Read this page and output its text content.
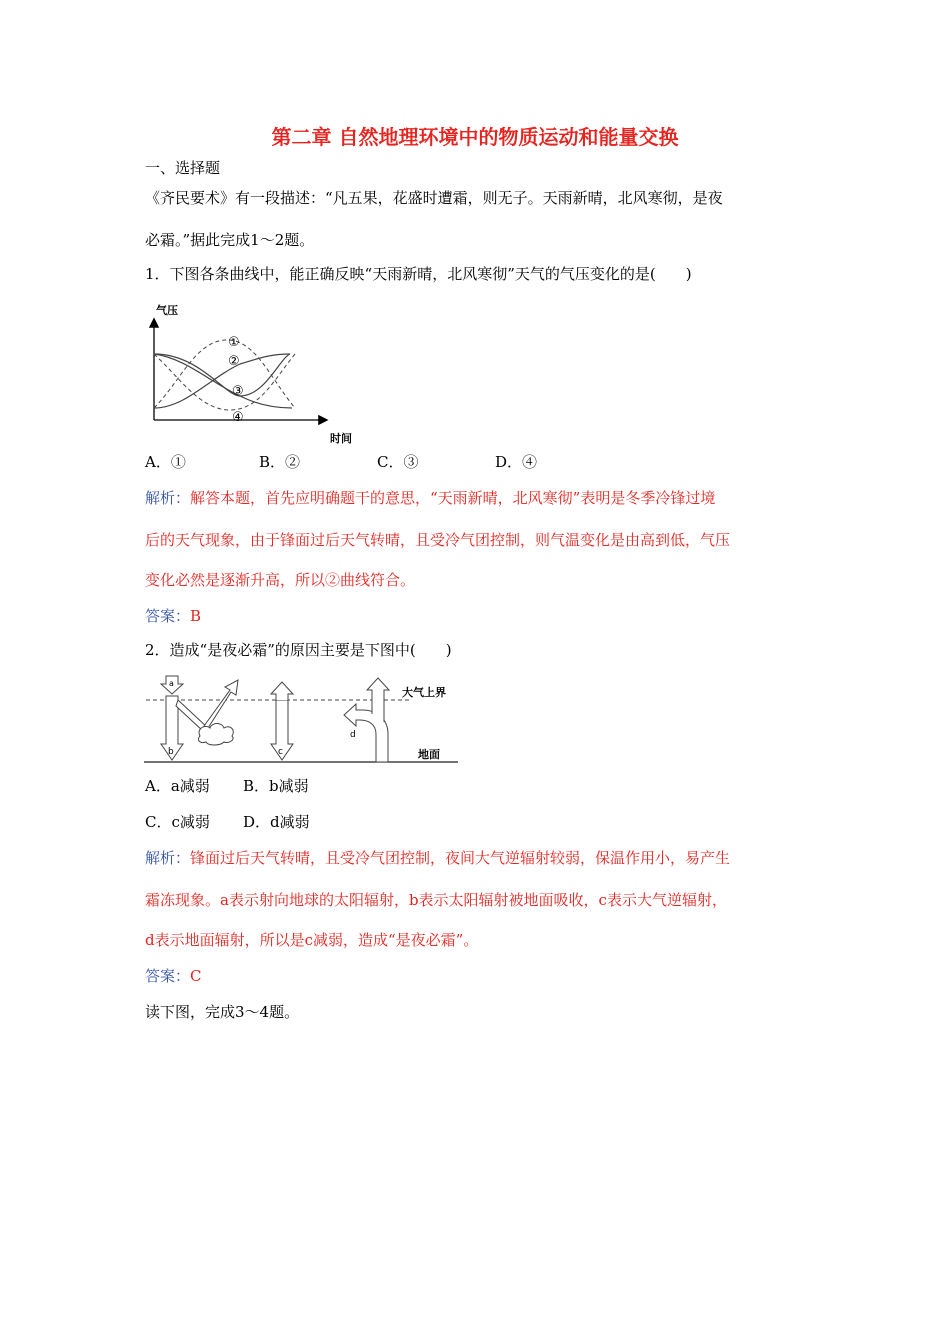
第二章 自然地理环境中的物质运动和能量交换
一、选择题
《齐民要术》有一段描述：“凡五果，花盛时遭霜，则无子。天雨新晴，北风寒彻，是夜
必霜。”据此完成1～2题。
1．下图各条曲线中，能正确反映“天雨新晴，北风寒彻”天气的气压变化的是(　　)
气压
时间
①
②
③
④
A．①	B．②	C．③	D．④
解析：解答本题，首先应明确题干的意思，“天雨新晴，北风寒彻”表明是冬季冷锋过境
后的天气现象，由于锋面过后天气转晴，且受冷气团控制，则气温变化是由高到低，气压
变化必然是逐渐升高，所以②曲线符合。
答案：B
2．造成“是夜必霜”的原因主要是下图中(　　)
大气上界
地面
a
b	c
d
A．a减弱 B．b减弱
C．c减弱 D．d减弱
解析：锋面过后天气转晴，且受冷气团控制，夜间大气逆辐射较弱，保温作用小，易产生
霜冻现象。a表示射向地球的太阳辐射，b表示太阳辐射被地面吸收，c表示大气逆辐射，
d表示地面辐射，所以是c减弱，造成“是夜必霜”。
答案：C
读下图，完成3～4题。
